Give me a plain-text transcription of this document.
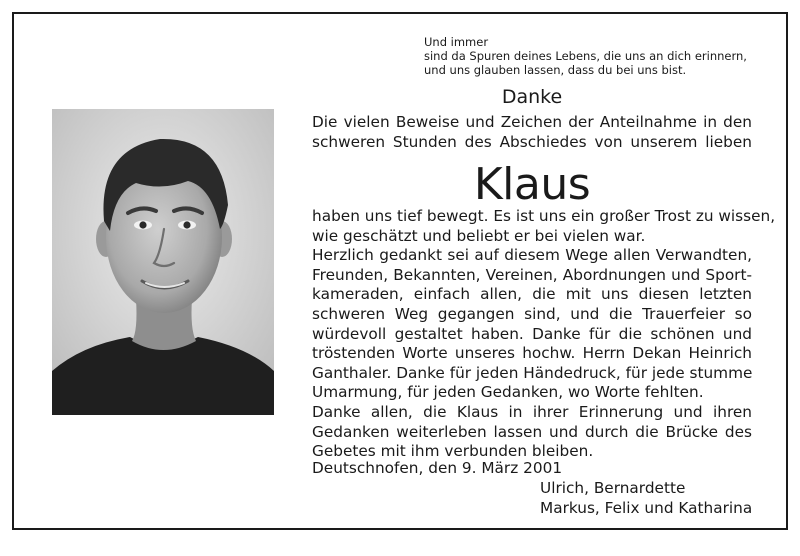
Und immer
sind da Spuren deines Lebens, die uns an dich erinnern,
und uns glauben lassen, dass du bei uns bist.
Danke
Die vielen Beweise und Zeichen der Anteilnahme in den
schweren Stunden des Abschiedes von unserem lieben
Klaus
haben uns tief bewegt. Es ist uns ein großer Trost zu wissen,
wie geschätzt und beliebt er bei vielen war.
Herzlich gedankt sei auf diesem Wege allen Verwandten,
Freunden, Bekannten, Vereinen, Abordnungen und Sport-
kameraden, einfach allen, die mit uns diesen letzten
schweren Weg gegangen sind, und die Trauerfeier so
würdevoll gestaltet haben. Danke für die schönen und
tröstenden Worte unseres hochw. Herrn Dekan Heinrich
Ganthaler. Danke für jeden Händedruck, für jede stumme
Umarmung, für jeden Gedanken, wo Worte fehlten.
Danke allen, die Klaus in ihrer Erinnerung und ihren
Gedanken weiterleben lassen und durch die Brücke des
Gebetes mit ihm verbunden bleiben.
Deutschnofen, den 9. März 2001
Ulrich, Bernardette
Markus, Felix und Katharina
